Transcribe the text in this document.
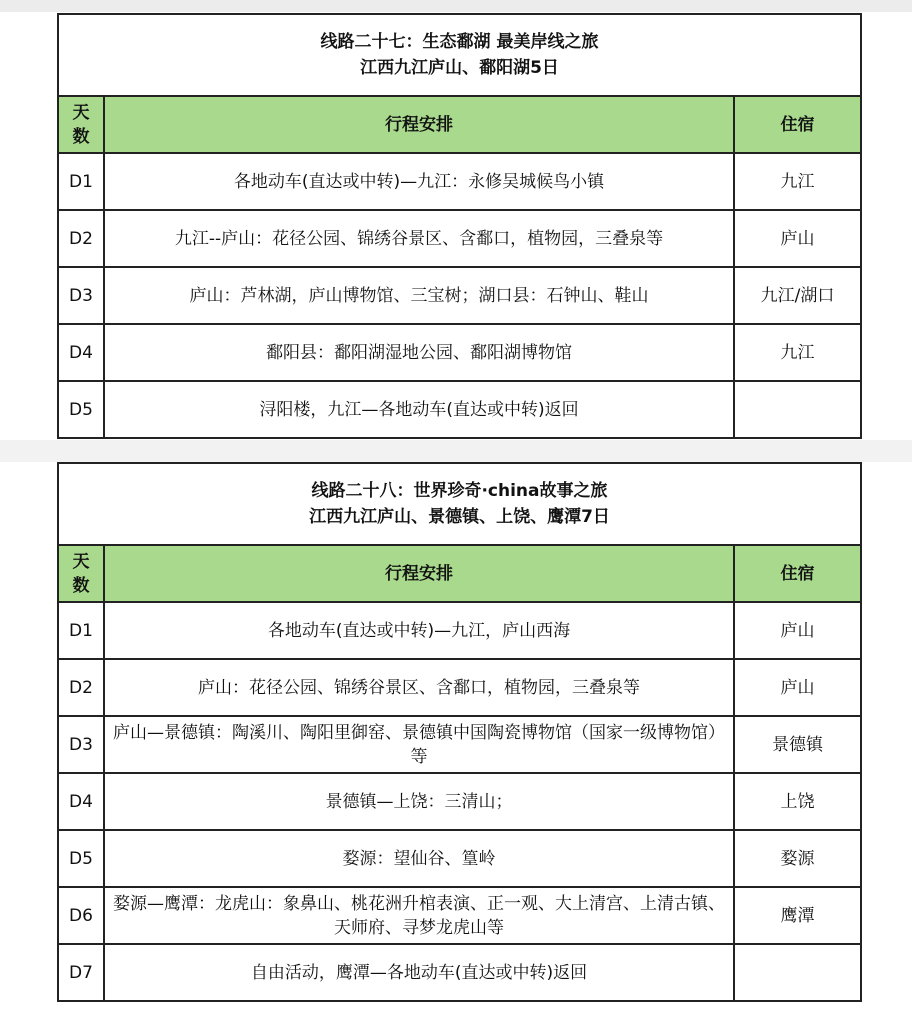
线路二十七：生态鄱湖 最美岸线之旅
江西九江庐山、鄱阳湖5日		

天数	行程安排	住宿
D1	各地动车(直达或中转)—九江：永修吴城候鸟小镇	九江
D2	九江--庐山：花径公园、锦绣谷景区、含鄱口，植物园，三叠泉等	庐山
D3	庐山：芦林湖，庐山博物馆、三宝树；湖口县：石钟山、鞋山	九江/湖口
D4	鄱阳县：鄱阳湖湿地公园、鄱阳湖博物馆	九江
D5	浔阳楼，九江—各地动车(直达或中转)返回	
线路二十八：世界珍奇·china故事之旅
江西九江庐山、景德镇、上饶、鹰潭7日		

天数	行程安排	住宿
D1	各地动车(直达或中转)—九江，庐山西海	庐山
D2	庐山：花径公园、锦绣谷景区、含鄱口，植物园，三叠泉等	庐山
D3	庐山—景德镇：陶溪川、陶阳里御窑、景德镇中国陶瓷博物馆（国家一级博物馆）等	景德镇
D4	景德镇—上饶：三清山；	上饶
D5	婺源：望仙谷、篁岭	婺源
D6	婺源—鹰潭：龙虎山：象鼻山、桃花洲升棺表演、正一观、大上清宫、上清古镇、天师府、寻梦龙虎山等	鹰潭
D7	自由活动，鹰潭—各地动车(直达或中转)返回	
